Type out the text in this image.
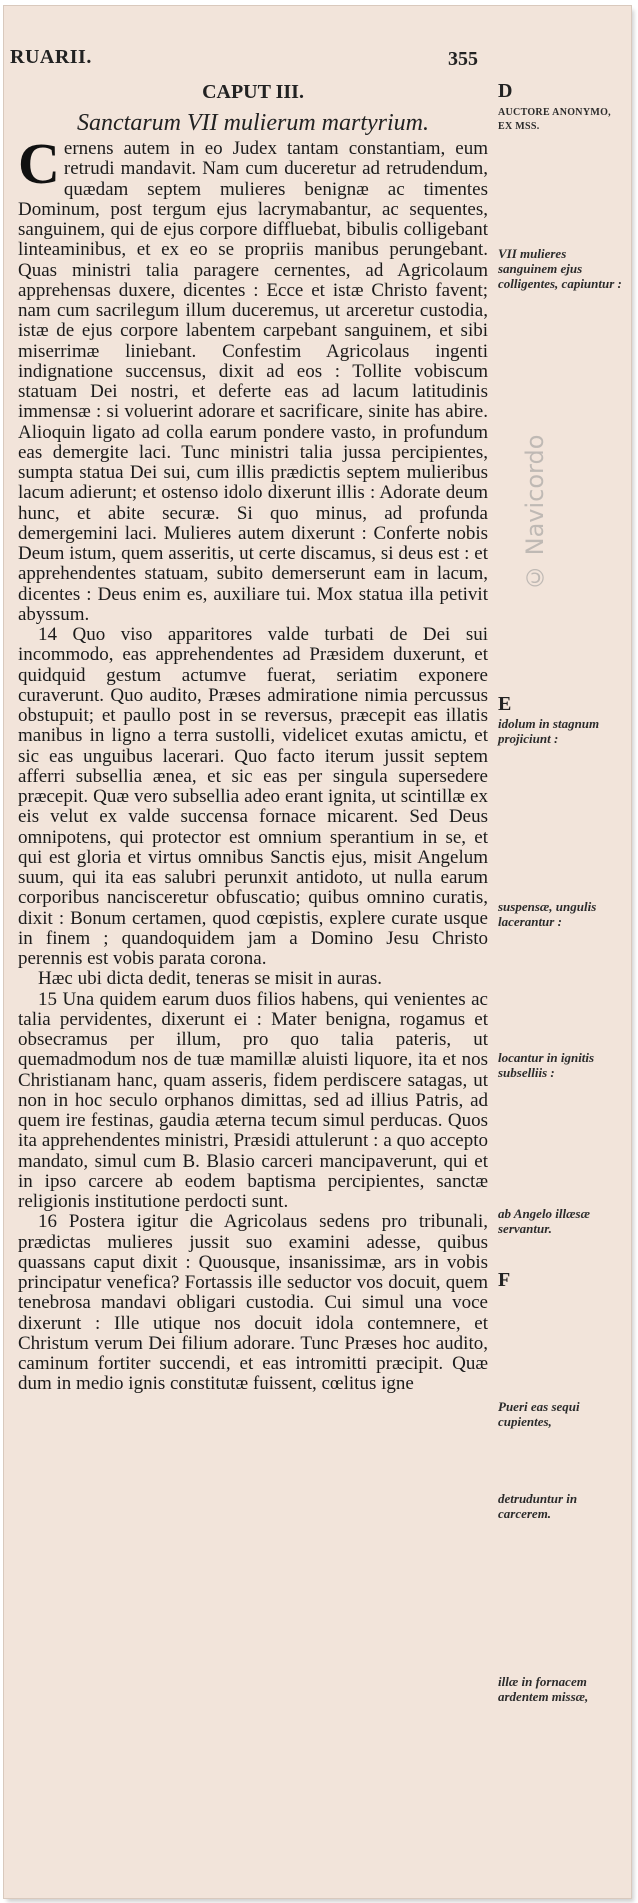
RUARII.	355
CAPUT III.
Sanctarum VII mulierum martyrium.

Cernens autem in eo Judex tantam constantiam, eum retrudi mandavit. Nam cum duceretur ad retrudendum, quædam septem mulieres benignæ ac timentes Dominum, post tergum ejus lacrymabantur, ac sequentes, sanguinem, qui de ejus corpore diffluebat, bibulis colligebant linteaminibus, et ex eo se propriis manibus perungebant. Quas ministri talia paragere cernentes, ad Agricolaum apprehensas duxere, dicentes : Ecce et istæ Christo favent; nam cum sacrilegum illum duceremus, ut arceretur custodia, istæ de ejus corpore labentem carpebant sanguinem, et sibi miserrimæ liniebant. Confestim Agricolaus ingenti indignatione succensus, dixit ad eos : Tollite vobiscum statuam Dei nostri, et deferte eas ad lacum latitudinis immensæ : si voluerint adorare et sacrificare, sinite has abire. Alioquin ligato ad colla earum pondere vasto, in profundum eas demergite laci. Tunc ministri talia jussa percipientes, sumpta statua Dei sui, cum illis prædictis septem mulieribus lacum adierunt; et ostenso idolo dixerunt illis : Adorate deum hunc, et abite securæ. Si quo minus, ad profunda demergemini laci. Mulieres autem dixerunt : Conferte nobis Deum istum, quem asseritis, ut certe discamus, si deus est : et apprehendentes statuam, subito demerserunt eam in lacum, dicentes : Deus enim es, auxiliare tui. Mox statua illa petivit abyssum.

14 Quo viso apparitores valde turbati de Dei sui incommodo, eas apprehendentes ad Præsidem duxerunt, et quidquid gestum actumve fuerat, seriatim exponere curaverunt. Quo audito, Præses admiratione nimia percussus obstupuit; et paullo post in se reversus, præcepit eas illatis manibus in ligno a terra sustolli, videlicet exutas amictu, et sic eas unguibus lacerari. Quo facto iterum jussit septem afferri subsellia ænea, et sic eas per singula supersedere præcepit. Quæ vero subsellia adeo erant ignita, ut scintillæ ex eis velut ex valde succensa fornace micarent. Sed Deus omnipotens, qui protector est omnium sperantium in se, et qui est gloria et virtus omnibus Sanctis ejus, misit Angelum suum, qui ita eas salubri perunxit antidoto, ut nulla earum corporibus nancisceretur obfuscatio; quibus omnino curatis, dixit : Bonum certamen, quod cœpistis, explere curate usque in finem ; quandoquidem jam a Domino Jesu Christo perennis est vobis parata corona.

Hæc ubi dicta dedit, teneras se misit in auras.

15 Una quidem earum duos filios habens, qui venientes ac talia pervidentes, dixerunt ei : Mater benigna, rogamus et obsecramus per illum, pro quo talia pateris, ut quemadmodum nos de tuæ mamillæ aluisti liquore, ita et nos Christianam hanc, quam asseris, fidem perdiscere satagas, ut non in hoc seculo orphanos dimittas, sed ad illius Patris, ad quem ire festinas, gaudia æterna tecum simul perducas. Quos ita apprehendentes ministri, Præsidi attulerunt : a quo accepto mandato, simul cum B. Blasio carceri mancipaverunt, qui et in ipso carcere ab eodem baptisma percipientes, sanctæ religionis institutione perdocti sunt.

16 Postera igitur die Agricolaus sedens pro tribunali, prædictas mulieres jussit suo examini adesse, quibus quassans caput dixit : Quousque, insanissimæ, ars in vobis principatur venefica? Fortassis ille seductor vos docuit, quem tenebrosa mandavi obligari custodia. Cui simul una voce dixerunt : Ille utique nos docuit idola contemnere, et Christum verum Dei filium adorare. Tunc Præses hoc audito, caminum fortiter succendi, et eas intromitti præcipit. Quæ dum in medio ignis constitutæ fuissent, cœlitus igne

D
AUCTORE ANONYMO, EX MSS.
VII mulieres sanguinem ejus colligentes, capiuntur :
E
idolum in stagnum projiciunt :
suspensæ, ungulis lacerantur :
locantur in ignitis subselliis :
ab Angelo illæsæ servantur.
F
Pueri eas sequi cupientes,
detruduntur in carcerem.
illæ in fornacem ardentem missæ,
© Navicordo
